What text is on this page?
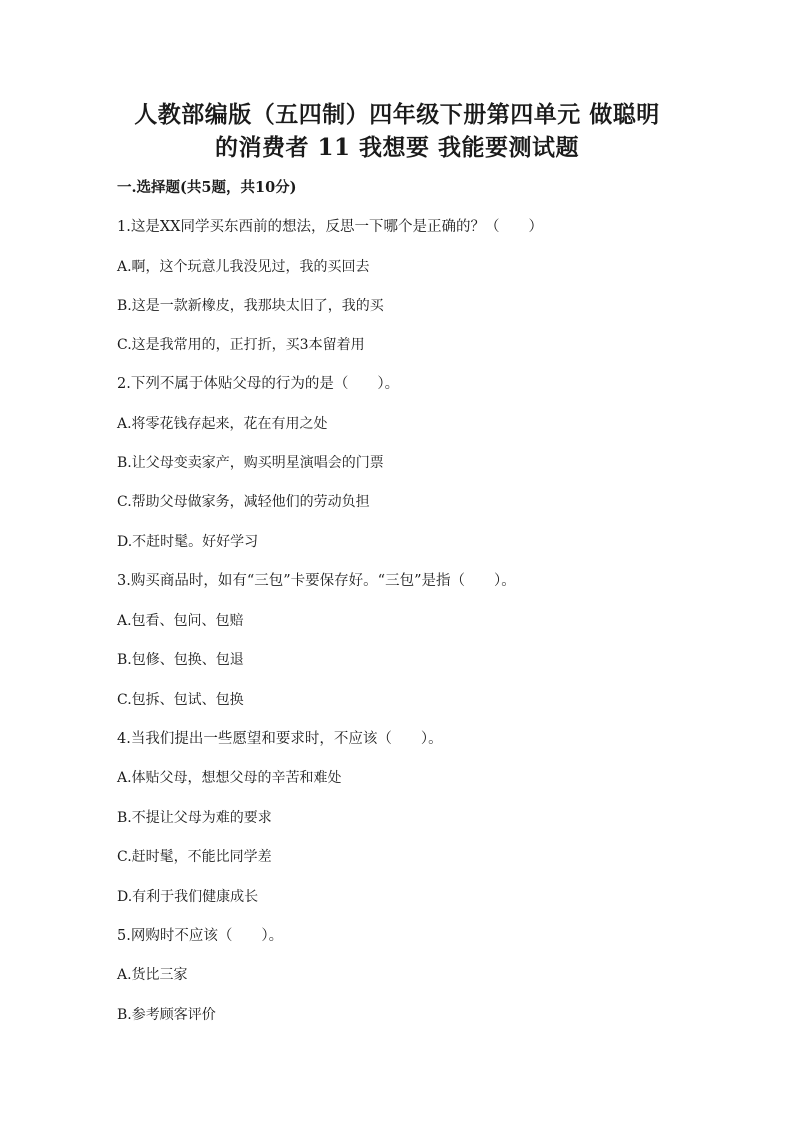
人教部编版（五四制）四年级下册第四单元 做聪明
的消费者 11 我想要 我能要测试题
一.选择题(共5题，共10分)
1.这是XX同学买东西前的想法，反思一下哪个是正确的？（　　）
A.啊，这个玩意儿我没见过，我的买回去
B.这是一款新橡皮，我那块太旧了，我的买
C.这是我常用的，正打折，买3本留着用
2.下列不属于体贴父母的行为的是（　　）。
A.将零花钱存起来，花在有用之处
B.让父母变卖家产，购买明星演唱会的门票
C.帮助父母做家务，减轻他们的劳动负担
D.不赶时髦。好好学习
3.购买商品时，如有“三包”卡要保存好。“三包”是指（　　）。
A.包看、包问、包赔
B.包修、包换、包退
C.包拆、包试、包换
4.当我们提出一些愿望和要求时，不应该（　　）。
A.体贴父母，想想父母的辛苦和难处
B.不提让父母为难的要求
C.赶时髦，不能比同学差
D.有利于我们健康成长
5.网购时不应该（　　）。
A.货比三家
B.参考顾客评价
